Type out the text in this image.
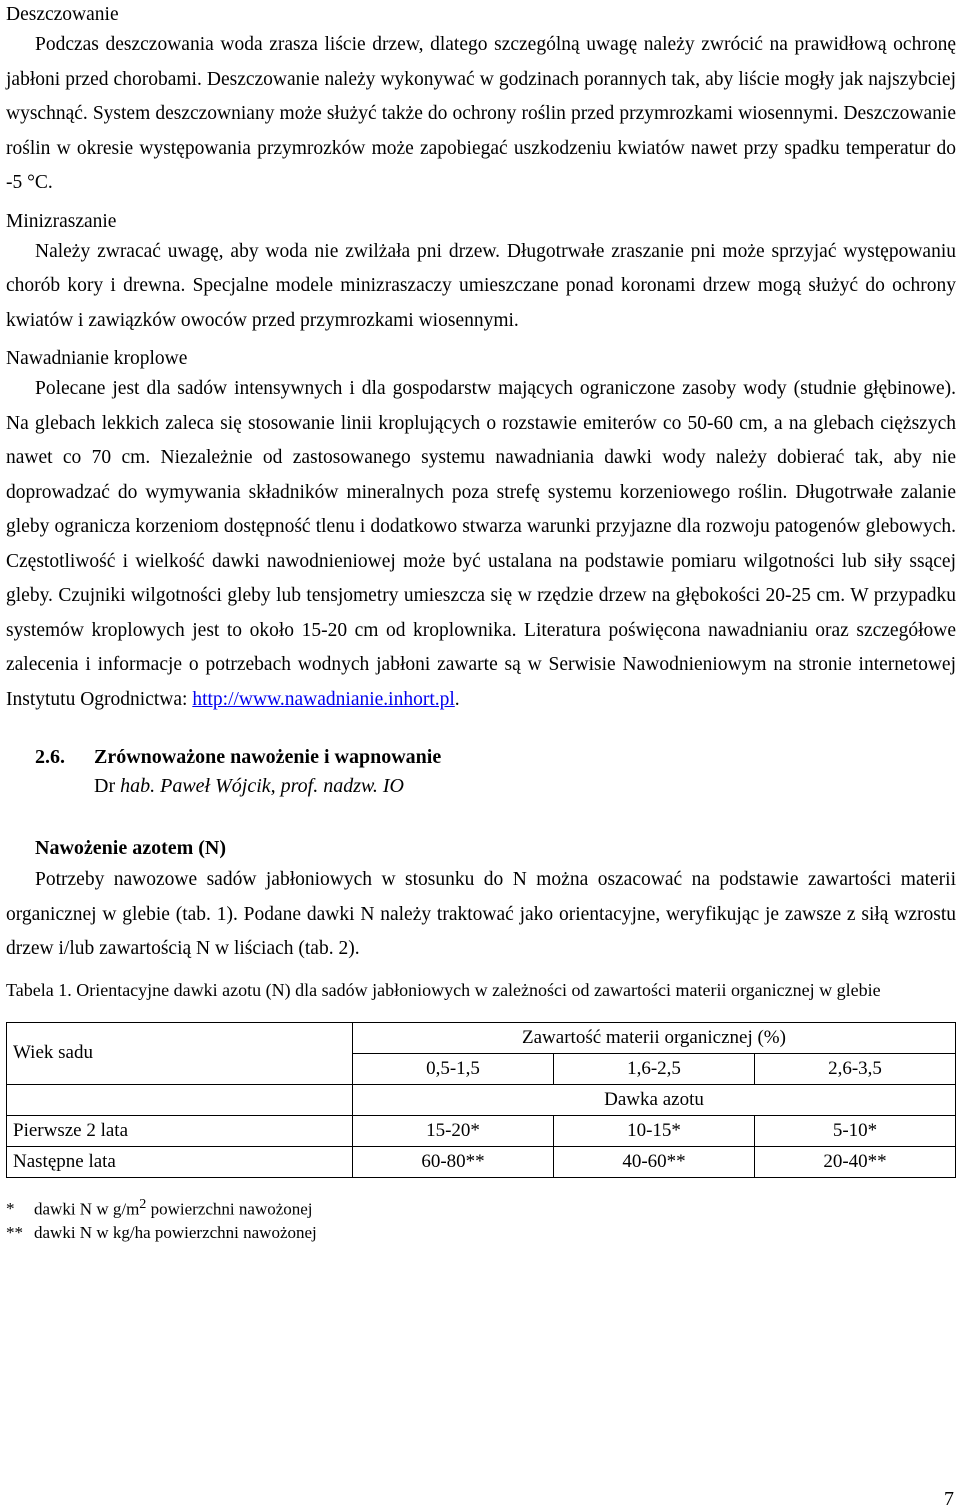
Deszczowanie
Podczas deszczowania woda zrasza liście drzew, dlatego szczególną uwagę należy zwrócić na prawidłową ochronę jabłoni przed chorobami. Deszczowanie należy wykonywać w godzinach porannych tak, aby liście mogły jak najszybciej wyschnąć. System deszczowniany może służyć także do ochrony roślin przed przymrozkami wiosennymi. Deszczowanie roślin w okresie występowania przymrozków może zapobiegać uszkodzeniu kwiatów nawet przy spadku temperatur do -5 °C.
Minizraszanie
Należy zwracać uwagę, aby woda nie zwilżała pni drzew. Długotrwałe zraszanie pni może sprzyjać występowaniu chorób kory i drewna. Specjalne modele minizraszaczy umieszczane ponad koronami drzew mogą służyć do ochrony kwiatów i zawiązków owoców przed przymrozkami wiosennymi.
Nawadnianie kroplowe
Polecane jest dla sadów intensywnych i dla gospodarstw mających ograniczone zasoby wody (studnie głębinowe). Na glebach lekkich zaleca się stosowanie linii kroplujących o rozstawie emiterów co 50-60 cm, a na glebach cięższych nawet co 70 cm. Niezależnie od zastosowanego systemu nawadniania dawki wody należy dobierać tak, aby nie doprowadzać do wymywania składników mineralnych poza strefę systemu korzeniowego roślin. Długotrwałe zalanie gleby ogranicza korzeniom dostępność tlenu i dodatkowo stwarza warunki przyjazne dla rozwoju patogenów glebowych. Częstotliwość i wielkość dawki nawodnieniowej może być ustalana na podstawie pomiaru wilgotności lub siły ssącej gleby. Czujniki wilgotności gleby lub tensjometry umieszcza się w rzędzie drzew na głębokości 20-25 cm. W przypadku systemów kroplowych jest to około 15-20 cm od kroplownika. Literatura poświęcona nawadnianiu oraz szczegółowe zalecenia i informacje o potrzebach wodnych jabłoni zawarte są w Serwisie Nawodnieniowym na stronie internetowej Instytutu Ogrodnictwa: http://www.nawadnianie.inhort.pl.
2.6. Zrównoważone nawożenie i wapnowanie
Dr hab. Paweł Wójcik, prof. nadzw. IO
Nawożenie azotem (N)
Potrzeby nawozowe sadów jabłoniowych w stosunku do N można oszacować na podstawie zawartości materii organicznej w glebie (tab. 1). Podane dawki N należy traktować jako orientacyjne, weryfikując je zawsze z siłą wzrostu drzew i/lub zawartością N w liściach (tab. 2).
Tabela 1. Orientacyjne dawki azotu (N) dla sadów jabłoniowych w zależności od zawartości materii organicznej w glebie
Wiek sadu	Zawartość materii organicznej (%)		
	0,5-1,5	1,6-2,5	2,6-3,5
	Dawka azotu		
Pierwsze 2 lata	15-20*	10-15*	5-10*
Następne lata	60-80**	40-60**	20-40**
* dawki N w $g/m^2$ powierzchni nawożonej
** dawki N w kg/ha powierzchni nawożonej
7
